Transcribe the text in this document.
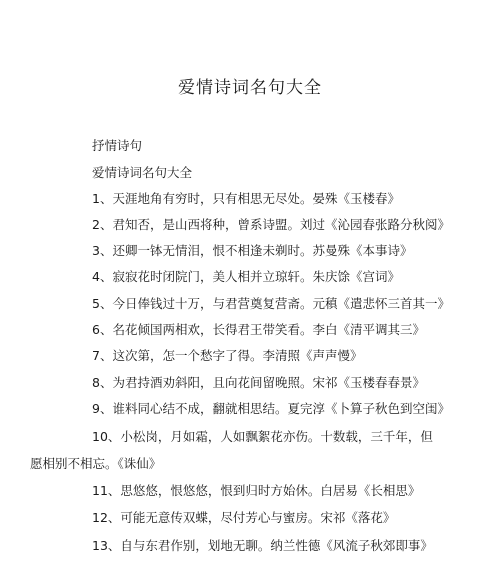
爱情诗词名句大全
抒情诗句
爱情诗词名句大全
1、天涯地角有穷时，只有相思无尽处。晏殊《玉楼春》
2、君知否，是山西将种，曾系诗盟。刘过《沁园春张路分秋阅》
3、还卿一钵无情泪，恨不相逢未剃时。苏曼殊《本事诗》
4、寂寂花时闭院门，美人相并立琼轩。朱庆馀《宫词》
5、今日俸钱过十万，与君营奠复营斋。元稹《遣悲怀三首其一》
6、名花倾国两相欢，长得君王带笑看。李白《清平调其三》
7、这次第，怎一个愁字了得。李清照《声声慢》
8、为君持酒劝斜阳，且向花间留晚照。宋祁《玉楼春春景》
9、谁料同心结不成，翻就相思结。夏完淳《卜算子秋色到空闺》
10、小松岗，月如霜，人如飘絮花亦伤。十数载，三千年，但
愿相别不相忘。《诛仙》
11、思悠悠，恨悠悠，恨到归时方始休。白居易《长相思》
12、可能无意传双蝶，尽付芳心与蜜房。宋祁《落花》
13、自与东君作别，划地无聊。纳兰性德《风流子秋郊即事》
